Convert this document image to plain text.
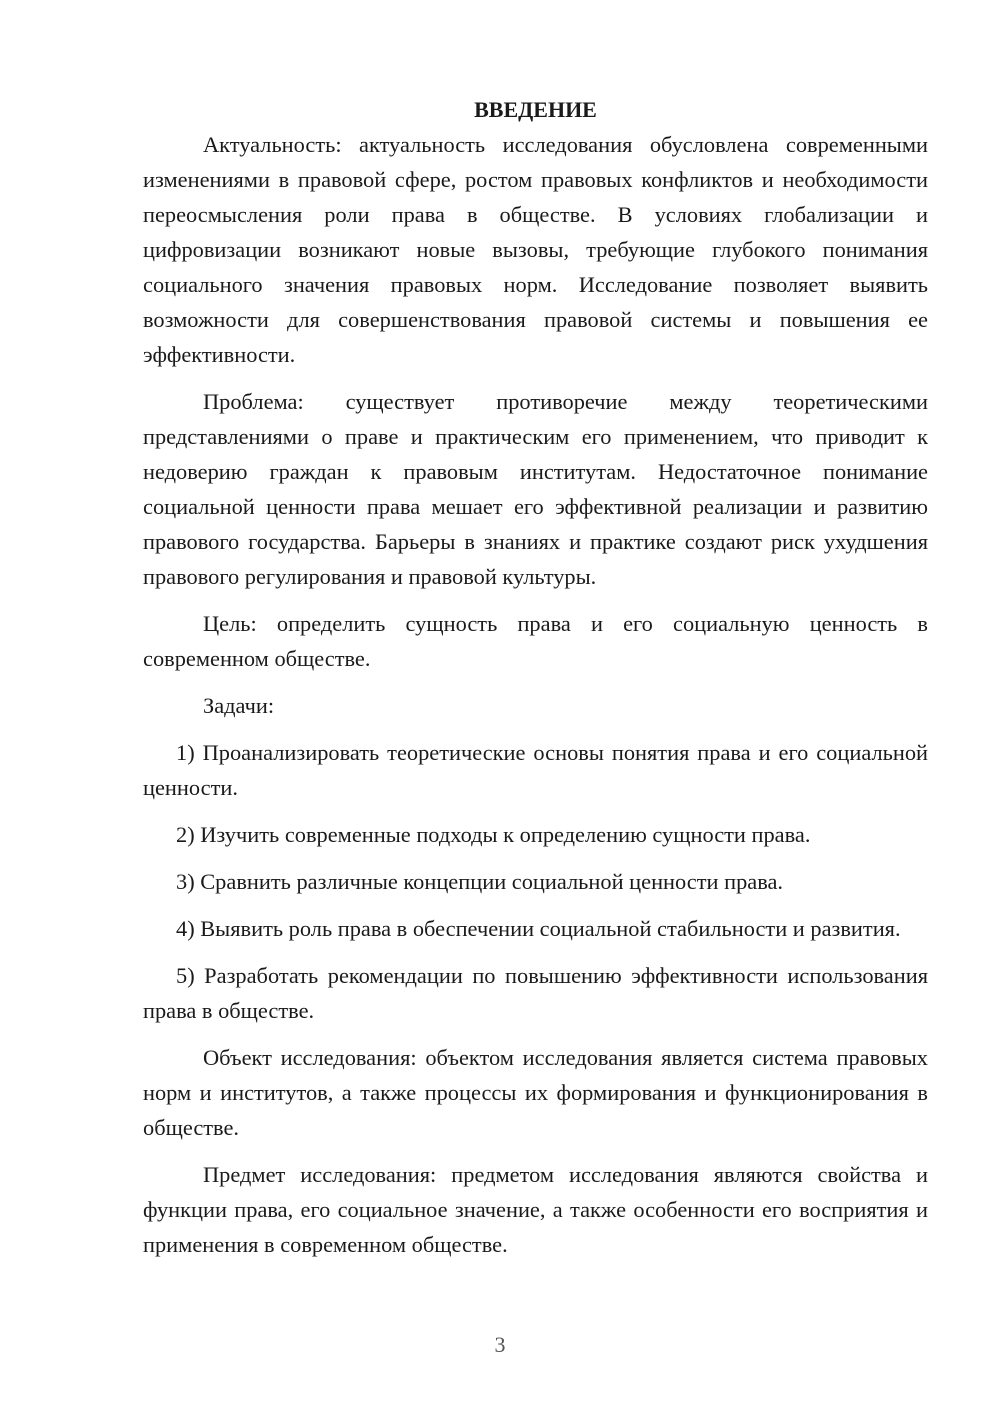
ВВЕДЕНИЕ

Актуальность: актуальность исследования обусловлена современными изменениями в правовой сфере, ростом правовых конфликтов и необходимости переосмысления роли права в обществе. В условиях глобализации и цифровизации возникают новые вызовы, требующие глубокого понимания социального значения правовых норм. Исследование позволяет выявить возможности для совершенствования правовой системы и повышения ее эффективности.

Проблема: существует противоречие между теоретическими представлениями о праве и практическим его применением, что приводит к недоверию граждан к правовым институтам. Недостаточное понимание социальной ценности права мешает его эффективной реализации и развитию правового государства. Барьеры в знаниях и практике создают риск ухудшения правового регулирования и правовой культуры.

Цель: определить сущность права и его социальную ценность в современном обществе.

Задачи:

1) Проанализировать теоретические основы понятия права и его социальной ценности.

2) Изучить современные подходы к определению сущности права.

3) Сравнить различные концепции социальной ценности права.

4) Выявить роль права в обеспечении социальной стабильности и развития.

5) Разработать рекомендации по повышению эффективности использования права в обществе.

Объект исследования: объектом исследования является система правовых норм и институтов, а также процессы их формирования и функционирования в обществе.

Предмет исследования: предметом исследования являются свойства и функции права, его социальное значение, а также особенности его восприятия и применения в современном обществе.

3
